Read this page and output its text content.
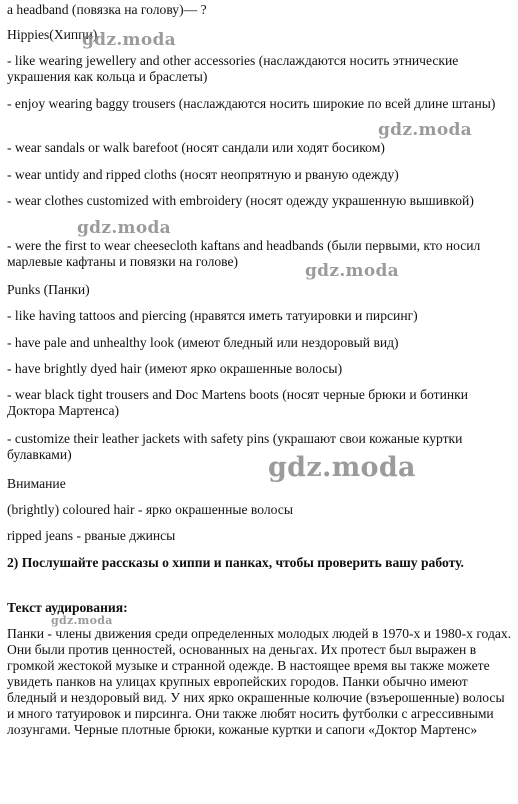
a headband (повязка на голову)— ?
Hippies(Хиппи)
- like wearing jewellery and other accessories (наслаждаются носить этнические украшения как кольца и браслеты)
- enjoy wearing baggy trousers (наслаждаются носить широкие по всей длине штаны)
- wear sandals or walk barefoot (носят сандали или ходят босиком)
- wear untidy and ripped cloths (носят неопрятную и рваную одежду)
- wear clothes customized with embroidery (носят одежду украшенную вышивкой)
- were the first to wear cheesecloth kaftans and headbands (были первыми, кто носил марлевые кафтаны и повязки на голове)
Punks (Панки)
- like having tattoos and piercing (нравятся иметь татуировки и пирсинг)
- have pale and unhealthy look (имеют бледный или нездоровый вид)
- have brightly dyed hair (имеют ярко окрашенные волосы)
- wear black tight trousers and Doc Martens boots (носят черные брюки и ботинки Доктора Мартенса)
- customize their leather jackets with safety pins (украшают свои кожаные куртки булавками)
Внимание
(brightly) coloured hair - ярко окрашенные волосы
ripped jeans - рваные джинсы
2) Послушайте рассказы о хиппи и панках, чтобы проверить вашу работу.
Текст аудирования:
Панки - члены движения среди определенных молодых людей в 1970-х и 1980-х годах. Они были против ценностей, основанных на деньгах. Их протест был выражен в громкой жестокой музыке и странной одежде. В настоящее время вы также можете увидеть панков на улицах крупных европейских городов. Панки обычно имеют бледный и нездоровый вид. У них ярко окрашенные колючие (взъерошенные) волосы и много татуировок и пирсинга. Они также любят носить футболки с агрессивными лозунгами. Черные плотные брюки, кожаные куртки и сапоги «Доктор Мартенс»
gdz.moda
gdz.moda
gdz.moda
gdz.moda
gdz.moda
gdz.moda
